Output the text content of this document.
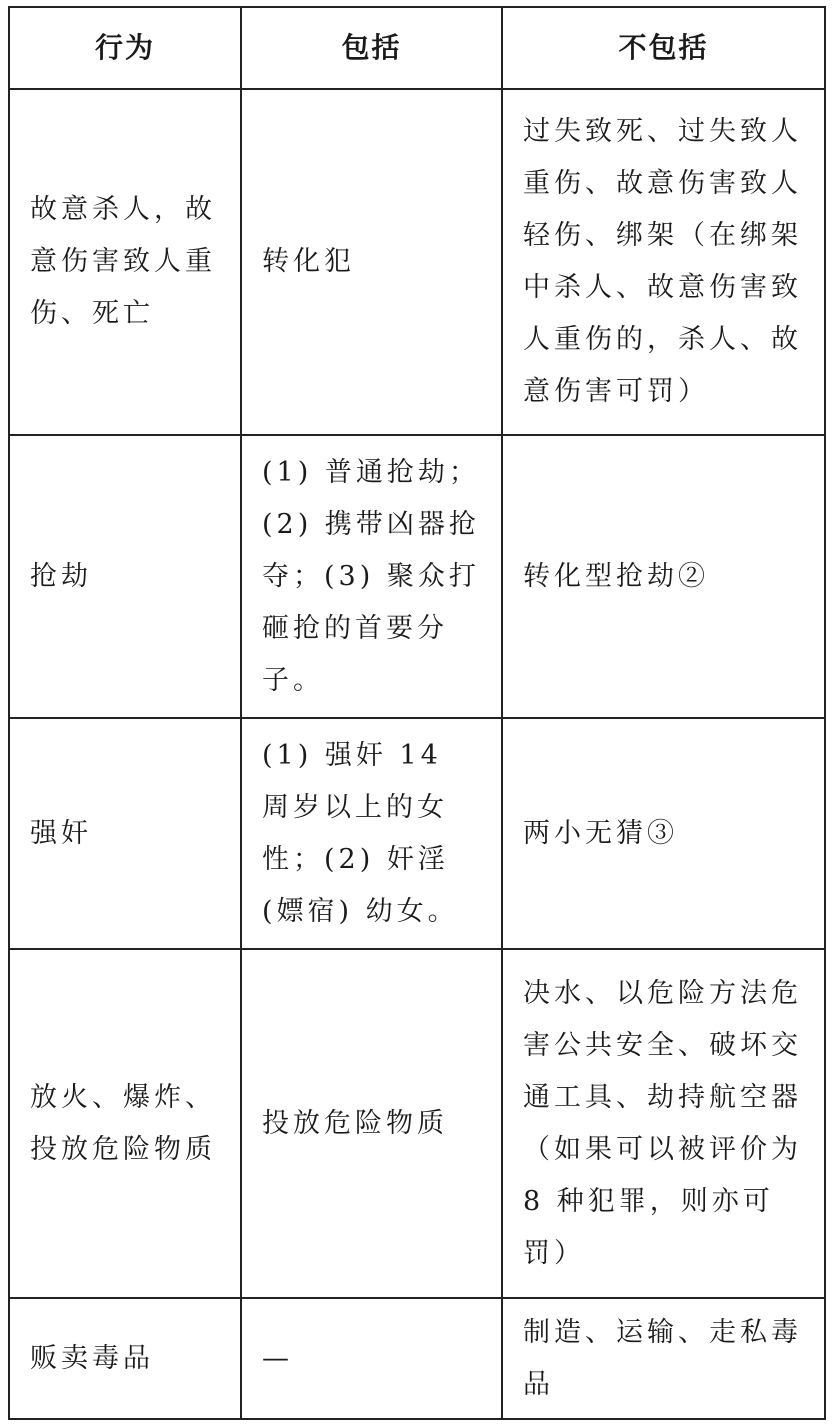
行为	包括	不包括
故意杀人，故意伤害致人重伤、死亡	转化犯	过失致死、过失致人重伤、故意伤害致人轻伤、绑架（在绑架中杀人、故意伤害致人重伤的，杀人、故意伤害可罚）
抢劫	(1) 普通抢劫；(2) 携带凶器抢夺；(3) 聚众打砸抢的首要分子。	转化型抢劫②
强奸	(1) 强奸 14 周岁以上的女性；(2) 奸淫(嫖宿) 幼女。	两小无猜③
放火、爆炸、投放危险物质	投放危险物质	决水、以危险方法危害公共安全、破坏交通工具、劫持航空器（如果可以被评价为 8 种犯罪，则亦可罚）
贩卖毒品	—	制造、运输、走私毒品
